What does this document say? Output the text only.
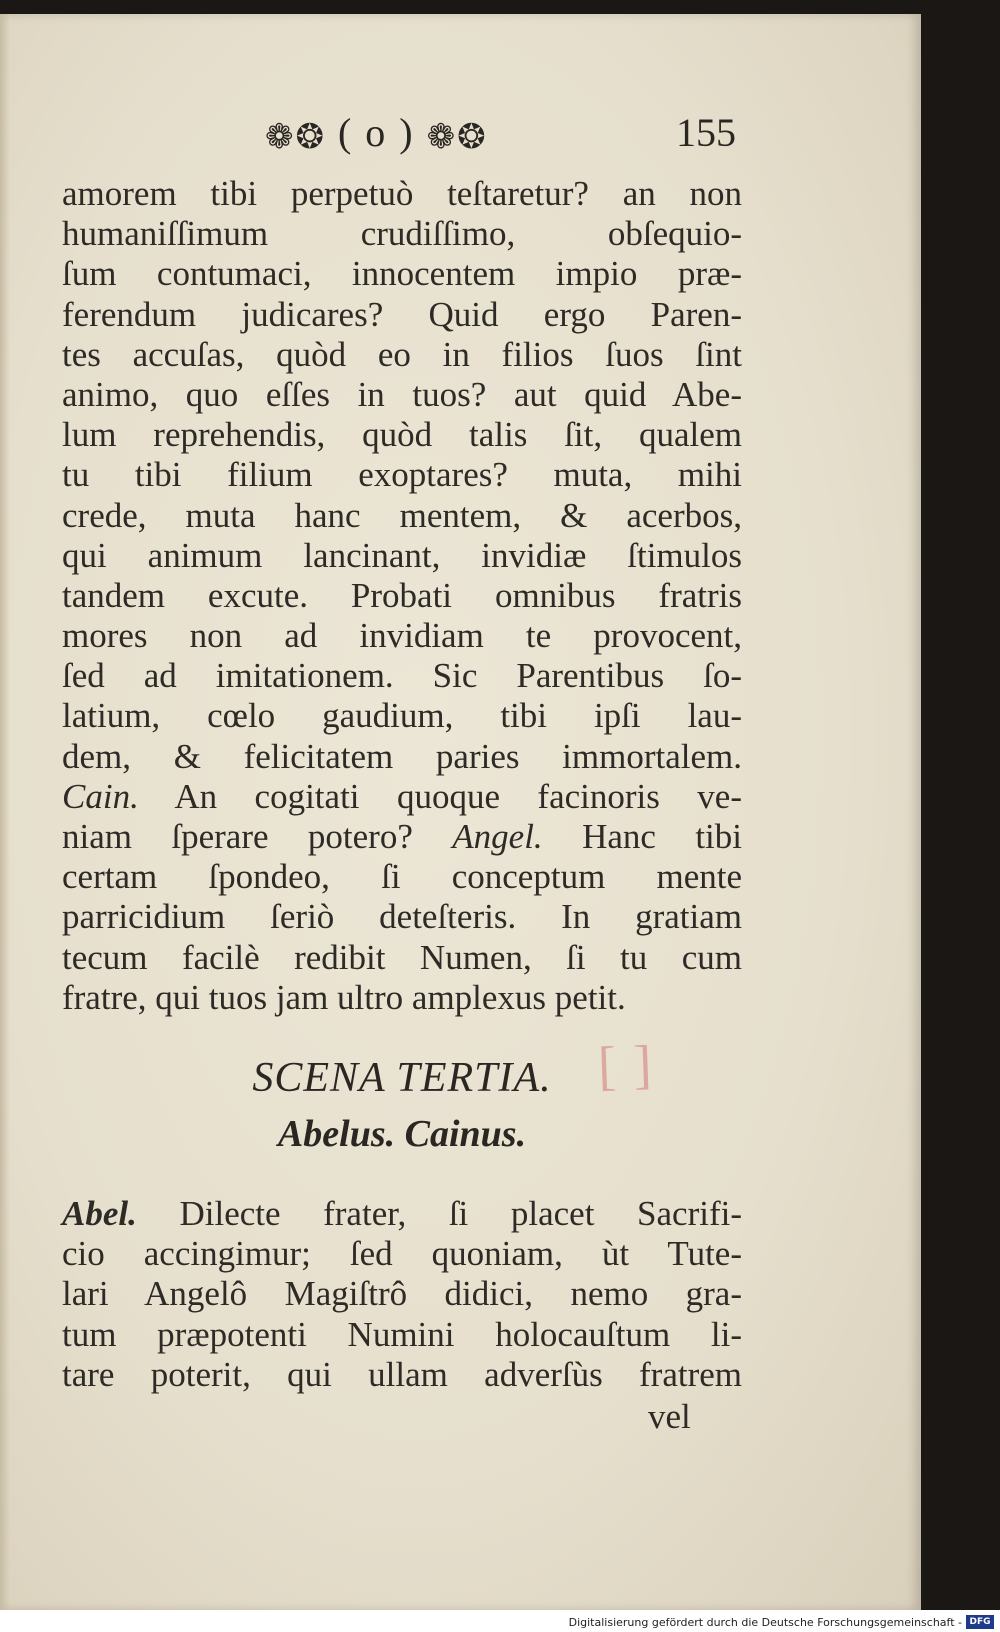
❁❂ ( o ) ❁❂	155
amorem tibi perpetuò teſtaretur? an non
humaniſſimum crudiſſimo, obſequio-
ſum contumaci, innocentem impio præ-
ferendum judicares? Quid ergo Paren-
tes accuſas, quòd eo in filios ſuos ſint
animo, quo eſſes in tuos? aut quid Abe-
lum reprehendis, quòd talis ſit, qualem
tu tibi filium exoptares? muta, mihi
crede, muta hanc mentem, & acerbos,
qui animum lancinant, invidiæ ſtimulos
tandem excute. Probati omnibus fratris
mores non ad invidiam te provocent,
ſed ad imitationem. Sic Parentibus ſo-
latium, cœlo gaudium, tibi ipſi lau-
dem, & felicitatem paries immortalem.
Cain. An cogitati quoque facinoris ve-
niam ſperare potero? Angel. Hanc tibi
certam ſpondeo, ſi conceptum mente
parricidium ſeriò deteſteris. In gratiam
tecum facilè redibit Numen, ſi tu cum
fratre, qui tuos jam ultro amplexus petit.
[ ]
SCENA TERTIA.
Abelus. Cainus.
Abel. Dilecte frater, ſi placet Sacrifi-
cio accingimur; ſed quoniam, ùt Tute-
lari Angelô Magiſtrô didici, nemo gra-
tum præpotenti Numini holocauſtum li-
tare poterit, qui ullam adverſùs fratrem
vel
Digitalisierung gefördert durch die Deutsche Forschungsgemeinschaft - DFG
